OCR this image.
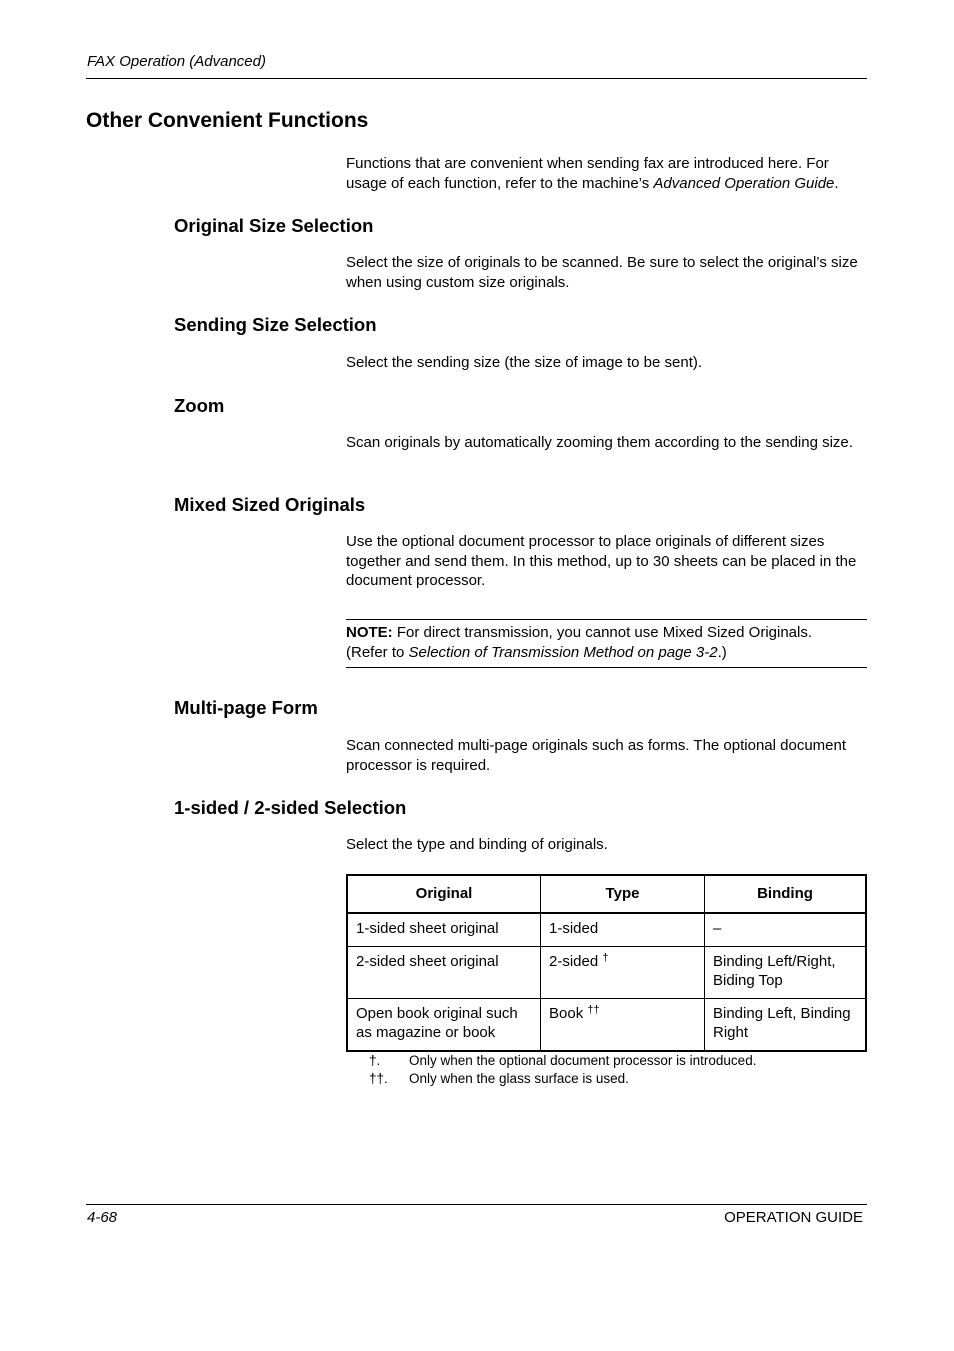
FAX Operation (Advanced)
Other Convenient Functions
Functions that are convenient when sending fax are introduced here. For usage of each function, refer to the machine’s Advanced Operation Guide.
Original Size Selection
Select the size of originals to be scanned. Be sure to select the original’s size when using custom size originals.
Sending Size Selection
Select the sending size (the size of image to be sent).
Zoom
Scan originals by automatically zooming them according to the sending size.
Mixed Sized Originals
Use the optional document processor to place originals of different sizes together and send them. In this method, up to 30 sheets can be placed in the document processor.
NOTE: For direct transmission, you cannot use Mixed Sized Originals.
(Refer to Selection of Transmission Method on page 3-2.)
Multi-page Form
Scan connected multi-page originals such as forms. The optional document processor is required.
1-sided / 2-sided Selection
Select the type and binding of originals.
Original	Type	Binding
1-sided sheet original	1-sided	–
2-sided sheet original	2-sided †	Binding Left/Right, Biding Top
Open book original such as magazine or book	Book ††	Binding Left, Binding Right
†. Only when the optional document processor is introduced.
††. Only when the glass surface is used.
4-68	OPERATION GUIDE
